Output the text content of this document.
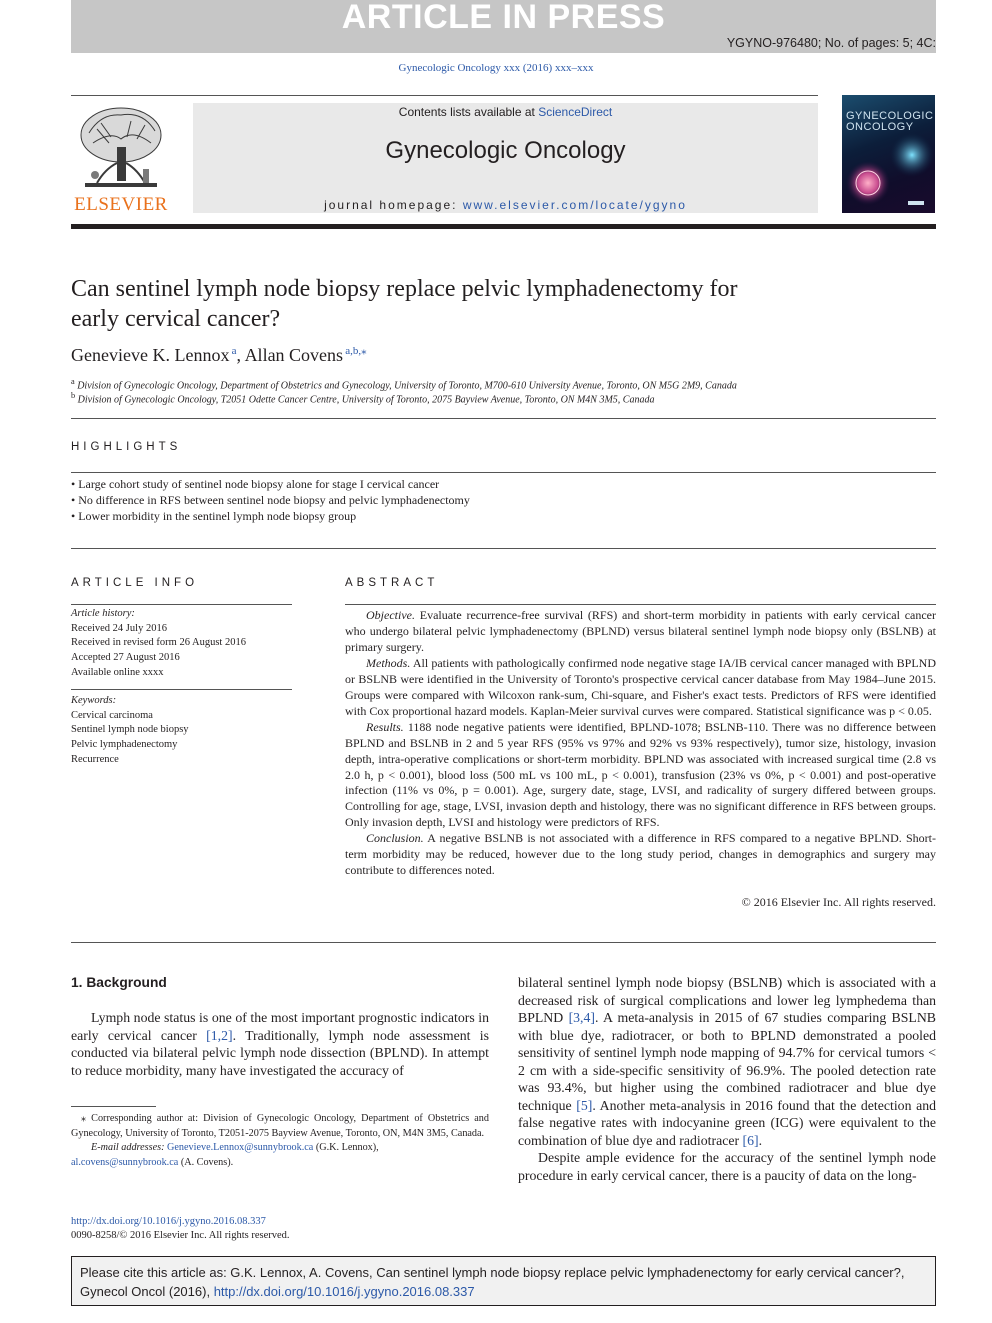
ARTICLE IN PRESS
YGYNO-976480; No. of pages: 5; 4C:
Gynecologic Oncology xxx (2016) xxx–xxx
ELSEVIER
Contents lists available at ScienceDirect
Gynecologic Oncology
journal homepage: www.elsevier.com/locate/ygyno
GYNECOLOGIC
ONCOLOGY
Can sentinel lymph node biopsy replace pelvic lymphadenectomy for early cervical cancer?
Genevieve K. Lennox  $^a$, Allan Covens  $^{a,b,⁎}$
$^a$ Division of Gynecologic Oncology, Department of Obstetrics and Gynecology, University of Toronto, M700-610 University Avenue, Toronto, ON M5G 2M9, Canada
$^b$ Division of Gynecologic Oncology, T2051 Odette Cancer Centre, University of Toronto, 2075 Bayview Avenue, Toronto, ON M4N 3M5, Canada
HIGHLIGHTS
• Large cohort study of sentinel node biopsy alone for stage I cervical cancer
• No difference in RFS between sentinel node biopsy and pelvic lymphadenectomy
• Lower morbidity in the sentinel lymph node biopsy group
ARTICLE INFO
Article history:
Received 24 July 2016
Received in revised form 26 August 2016
Accepted 27 August 2016
Available online xxxx
Keywords:
Cervical carcinoma
Sentinel lymph node biopsy
Pelvic lymphadenectomy
Recurrence
ABSTRACT

Objective. Evaluate recurrence-free survival (RFS) and short-term morbidity in patients with early cervical cancer who undergo bilateral pelvic lymphadenectomy (BPLND) versus bilateral sentinel lymph node biopsy only (BSLNB) at primary surgery.

Methods. All patients with pathologically confirmed node negative stage IA/IB cervical cancer managed with BPLND or BSLNB were identified in the University of Toronto's prospective cervical cancer database from May 1984–June 2015. Groups were compared with Wilcoxon rank-sum, Chi-square, and Fisher's exact tests. Predictors of RFS were identified with Cox proportional hazard models. Kaplan-Meier survival curves were compared. Statistical significance was p < 0.05.

Results. 1188 node negative patients were identified, BPLND-1078; BSLNB-110. There was no difference between BPLND and BSLNB in 2 and 5 year RFS (95% vs 97% and 92% vs 93% respectively), tumor size, histology, invasion depth, intra-operative complications or short-term morbidity. BPLND was associated with increased surgical time (2.8 vs 2.0 h, p < 0.001), blood loss (500 mL vs 100 mL, p < 0.001), transfusion (23% vs 0%, p < 0.001) and post-operative infection (11% vs 0%, p = 0.001). Age, surgery date, stage, LVSI, and radicality of surgery differed between groups. Controlling for age, stage, LVSI, invasion depth and histology, there was no significant difference in RFS between groups. Only invasion depth, LVSI and histology were predictors of RFS.

Conclusion. A negative BSLNB is not associated with a difference in RFS compared to a negative BPLND. Short-term morbidity may be reduced, however due to the long study period, changes in demographics and surgery may contribute to differences noted.

© 2016 Elsevier Inc. All rights reserved.
1. Background

Lymph node status is one of the most important prognostic indicators in early cervical cancer [1,2]. Traditionally, lymph node assessment is conducted via bilateral pelvic lymph node dissection (BPLND). In attempt to reduce morbidity, many have investigated the accuracy of

⁎ Corresponding author at: Division of Gynecologic Oncology, Department of Obstetrics and Gynecology, University of Toronto, T2051-2075 Bayview Avenue, Toronto, ON, M4N 3M5, Canada.
E-mail addresses: Genevieve.Lennox@sunnybrook.ca (G.K. Lennox),
al.covens@sunnybrook.ca (A. Covens).
http://dx.doi.org/10.1016/j.ygyno.2016.08.337
0090-8258/© 2016 Elsevier Inc. All rights reserved.

bilateral sentinel lymph node biopsy (BSLNB) which is associated with a decreased risk of surgical complications and lower leg lymphedema than BPLND [3,4]. A meta-analysis in 2015 of 67 studies comparing BSLNB with blue dye, radiotracer, or both to BPLND demonstrated a pooled sensitivity of sentinel lymph node mapping of 94.7% for cervical tumors < 2 cm with a side-specific sensitivity of 96.9%. The pooled detection rate was 93.4%, but higher using the combined radiotracer and blue dye technique [5]. Another meta-analysis in 2016 found that the detection and false negative rates with indocyanine green (ICG) were equivalent to the combination of blue dye and radiotracer [6].

Despite ample evidence for the accuracy of the sentinel lymph node procedure in early cervical cancer, there is a paucity of data on the long-

Please cite this article as: G.K. Lennox, A. Covens, Can sentinel lymph node biopsy replace pelvic lymphadenectomy for early cervical cancer?, Gynecol Oncol (2016), http://dx.doi.org/10.1016/j.ygyno.2016.08.337
